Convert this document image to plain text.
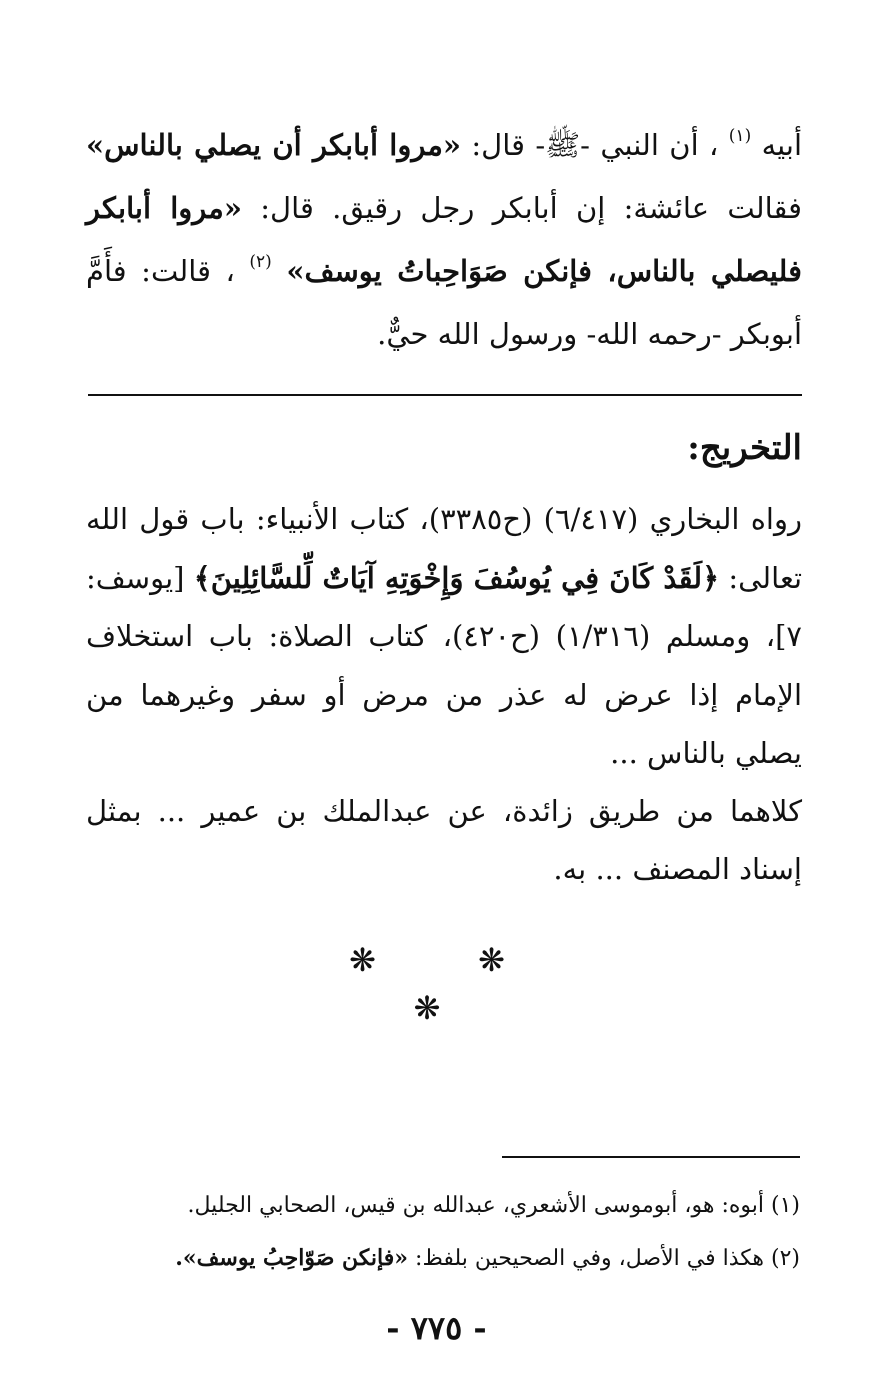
أبيه $^{(١)}$ ، أن النبي -ﷺ- قال: «مروا أبابكر أن يصلي بالناس» فقالت عائشة: إن أبابكر رجل رقيق. قال: «مروا أبابكر فليصلي بالناس، فإنكن صَوَاحِباتُ يوسف» $^{(٢)}$ ، قالت: فأَمَّ أبوبكر -رحمه الله- ورسول الله حيٌّ.

التخريج:

رواه البخاري (٦/٤١٧) (ح٣٣٨٥)، كتاب الأنبياء: باب قول الله تعالى: ﴿لَقَدْ كَانَ فِي يُوسُفَ وَإِخْوَتِهِ آيَاتٌ لِّلسَّائِلِينَ﴾ [يوسف: ٧]، ومسلم (١/٣١٦) (ح٤٢٠)، كتاب الصلاة: باب استخلاف الإمام إذا عرض له عذر من مرض أو سفر وغيرهما من يصلي بالناس ...

كلاهما من طريق زائدة، عن عبدالملك بن عمير ... بمثل إسناد المصنف ... به.

❋ ❋ ❋
(١) أبوه: هو، أبوموسى الأشعري، عبدالله بن قيس، الصحابي الجليل.
(٢) هكذا في الأصل، وفي الصحيحين بلفظ: «فإنكن صَوّاحِبُ يوسف».
- ٧٧٥ -
